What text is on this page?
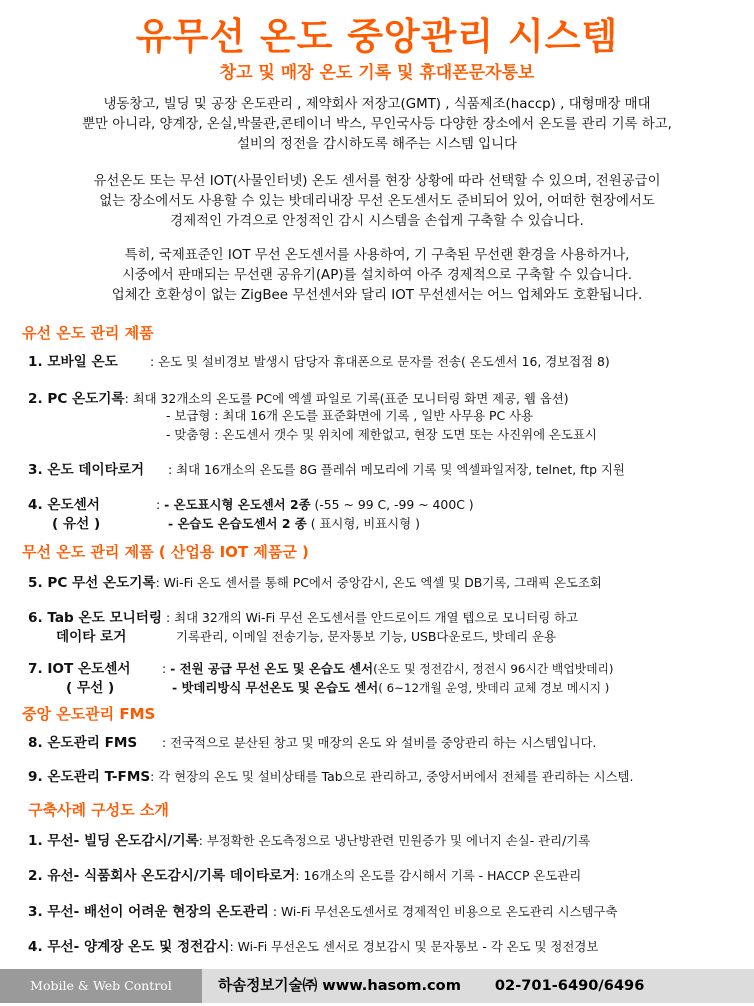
유무선 온도 중앙관리 시스템
창고 및 매장 온도 기록 및 휴대폰문자통보
냉동창고, 빌딩 및 공장 온도관리 , 제약회사 저장고(GMT) , 식품제조(haccp) , 대형매장 매대
뿐만 아니라, 양계장, 온실,박물관,콘테이너 박스, 무인국사등 다양한 장소에서 온도를 관리 기록 하고,
설비의 정전을 감시하도록 해주는 시스템 입니다
유선온도 또는 무선 IOT(사물인터넷) 온도 센서를 현장 상황에 따라 선택할 수 있으며, 전원공급이
없는 장소에서도 사용할 수 있는 밧데리내장 무선 온도센서도 준비되어 있어, 어떠한 현장에서도
경제적인 가격으로 안정적인 감시 시스템을 손쉽게 구축할 수 있습니다.
특히, 국제표준인 IOT 무선 온도센서를 사용하여, 기 구축된 무선랜 환경을 사용하거나,
시중에서 판매되는 무선랜 공유기(AP)를 설치하여 아주 경제적으로 구축할 수 있습니다.
업체간 호환성이 없는 ZigBee 무선센서와 달리 IOT 무선센서는 어느 업체와도 호환됩니다.
유선 온도 관리 제품
1. 모바일 온도	: 온도 및 설비경보 발생시 담당자 휴대폰으로 문자를 전송( 온도센서 16, 경보접점 8)
2. PC 온도기록: 최대 32개소의 온도를 PC에 엑셀 파일로 기록(표준 모니터링 화면 제공, 웹 옵션)
- 보급형 : 최대 16개 온도를 표준화면에 기록 , 일반 사무용 PC 사용
- 맞춤형 : 온도센서 갯수 및 위치에 제한없고, 현장 도면 또는 사진위에 온도표시
3. 온도 데이타로거 : 최대 16개소의 온도를 8G 플레쉬 메모리에 기록 및 엑셀파일저장, telnet, ftp 지원
4. 온도센서	: - 온도표시형 온도센서 2종 (-55 ~ 99 C, -99 ~ 400C )
( 유선 )	- 온습도 온습도센서 2 종 ( 표시형, 비표시형 )
무선 온도 관리 제품 ( 산업용 IOT 제품군 )
5. PC 무선 온도기록: Wi-Fi 온도 센서를 통해 PC에서 중앙감시, 온도 엑셀 및 DB기록, 그래픽 온도조회
6. Tab 온도 모니터링 : 최대 32개의 Wi-Fi 무선 온도센서를 안드로이드 개열 텝으로 모니터링 하고
데이타 로거	기록관리, 이메일 전송기능, 문자통보 기능, USB다운로드, 밧데리 운용
7. IOT 온도센서	: - 전원 공급 무선 온도 및 온습도 센서(온도 및 정전감시, 정전시 96시간 백업밧데리)
( 무선 )	- 밧데리방식 무선온도 및 온습도 센서( 6~12개월 운영, 밧데리 교체 경보 메시지 )
중앙 온도관리 FMS
8. 온도관리 FMS : 전국적으로 분산된 창고 및 매장의 온도 와 설비를 중앙관리 하는 시스템입니다.
9. 온도관리 T-FMS: 각 현장의 온도 및 설비상태를 Tab으로 관리하고, 중앙서버에서 전체를 관리하는 시스템.
구축사례 구성도 소개
1. 무선- 빌딩 온도감시/기록: 부정확한 온도측정으로 냉난방관련 민원증가 및 에너지 손실- 관리/기록
2. 유선- 식품회사 온도감시/기록 데이타로거: 16개소의 온도를 감시해서 기록 - HACCP 온도관리
3. 무선- 배선이 어려운 현장의 온도관리 : Wi-Fi 무선온도센서로 경제적인 비용으로 온도관리 시스템구축
4. 무선- 양계장 온도 및 정전감시: Wi-Fi 무선온도 센서로 경보감시 및 문자통보 - 각 온도 및 정전경보
Mobile & Web Control	하솜정보기술㈜ www.hasom.com 02-701-6490/6496
